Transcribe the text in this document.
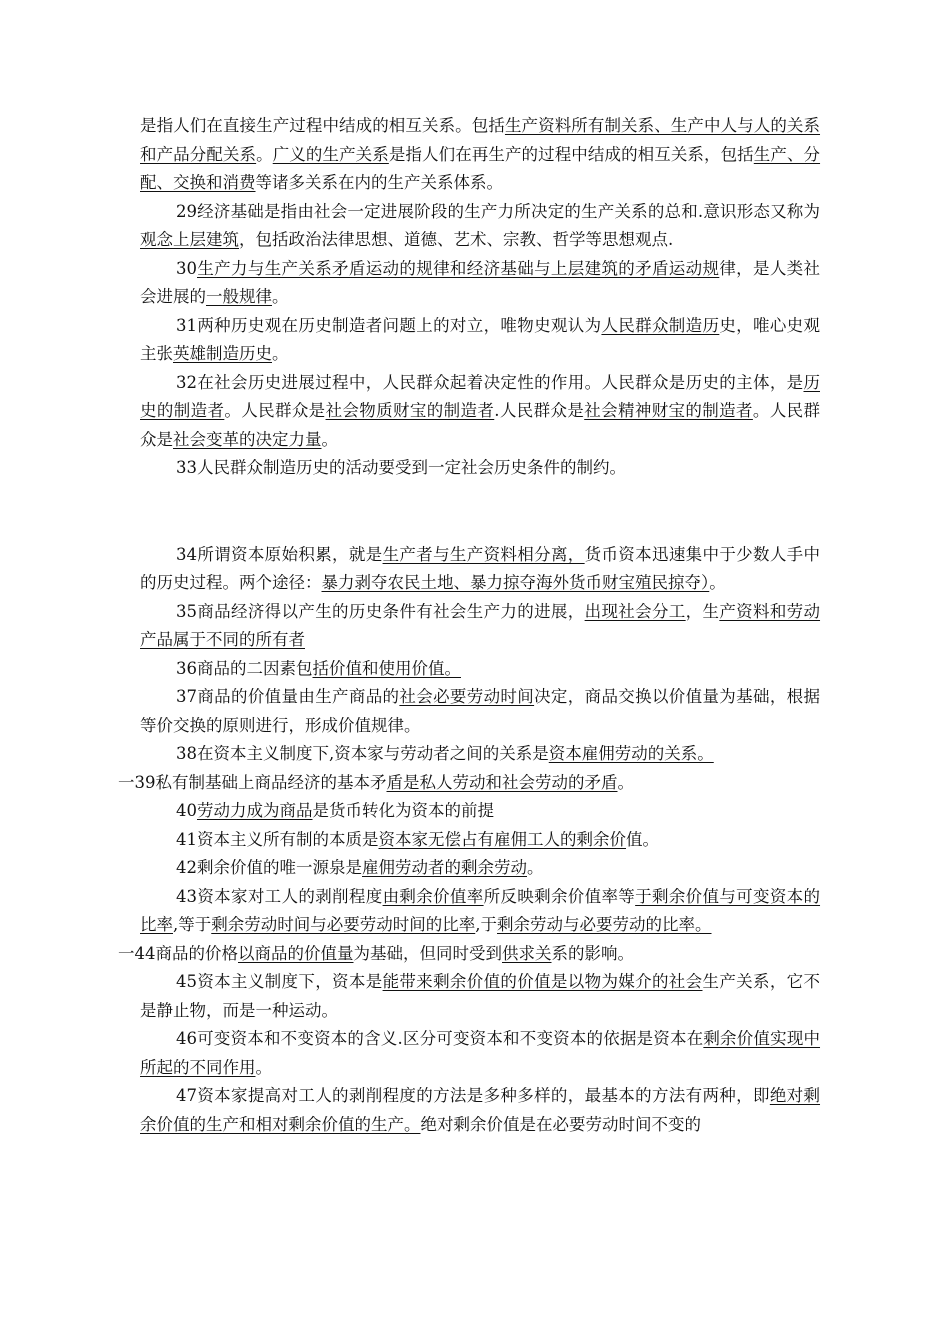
是指人们在直接生产过程中结成的相互关系。包括生产资料所有制关系、生产中人与人的关系和产品分配关系。广义的生产关系是指人们在再生产的过程中结成的相互关系，包括生产、分配、交换和消费等诸多关系在内的生产关系体系。

29经济基础是指由社会一定进展阶段的生产力所决定的生产关系的总和.意识形态又称为观念上层建筑，包括政治法律思想、道德、艺术、宗教、哲学等思想观点.

30生产力与生产关系矛盾运动的规律和经济基础与上层建筑的矛盾运动规律，是人类社会进展的一般规律。

31两种历史观在历史制造者问题上的对立，唯物史观认为人民群众制造历史，唯心史观主张英雄制造历史。

32在社会历史进展过程中，人民群众起着决定性的作用。人民群众是历史的主体，是历史的制造者。人民群众是社会物质财宝的制造者.人民群众是社会精神财宝的制造者。人民群众是社会变革的决定力量。

33人民群众制造历史的活动要受到一定社会历史条件的制约。

34所谓资本原始积累，就是生产者与生产资料相分离，货币资本迅速集中于少数人手中的历史过程。两个途径：暴力剥夺农民土地、暴力掠夺海外货币财宝殖民掠夺）。

35商品经济得以产生的历史条件有社会生产力的进展，出现社会分工，生产资料和劳动产品属于不同的所有者

36商品的二因素包括价值和使用价值。

37商品的价值量由生产商品的社会必要劳动时间决定，商品交换以价值量为基础，根据等价交换的原则进行，形成价值规律。

38在资本主义制度下,资本家与劳动者之间的关系是资本雇佣劳动的关系。

一39私有制基础上商品经济的基本矛盾是私人劳动和社会劳动的矛盾。

40劳动力成为商品是货币转化为资本的前提

41资本主义所有制的本质是资本家无偿占有雇佣工人的剩余价值。

42剩余价值的唯一源泉是雇佣劳动者的剩余劳动。

43资本家对工人的剥削程度由剩余价值率所反映剩余价值率等于剩余价值与可变资本的比率,等于剩余劳动时间与必要劳动时间的比率,于剩余劳动与必要劳动的比率。

一44商品的价格以商品的价值量为基础，但同时受到供求关系的影响。

45资本主义制度下，资本是能带来剩余价值的价值是以物为媒介的社会生产关系，它不是静止物，而是一种运动。

46可变资本和不变资本的含义.区分可变资本和不变资本的依据是资本在剩余价值实现中所起的不同作用。

47资本家提高对工人的剥削程度的方法是多种多样的，最基本的方法有两种，即绝对剩余价值的生产和相对剩余价值的生产。绝对剩余价值是在必要劳动时间不变的
